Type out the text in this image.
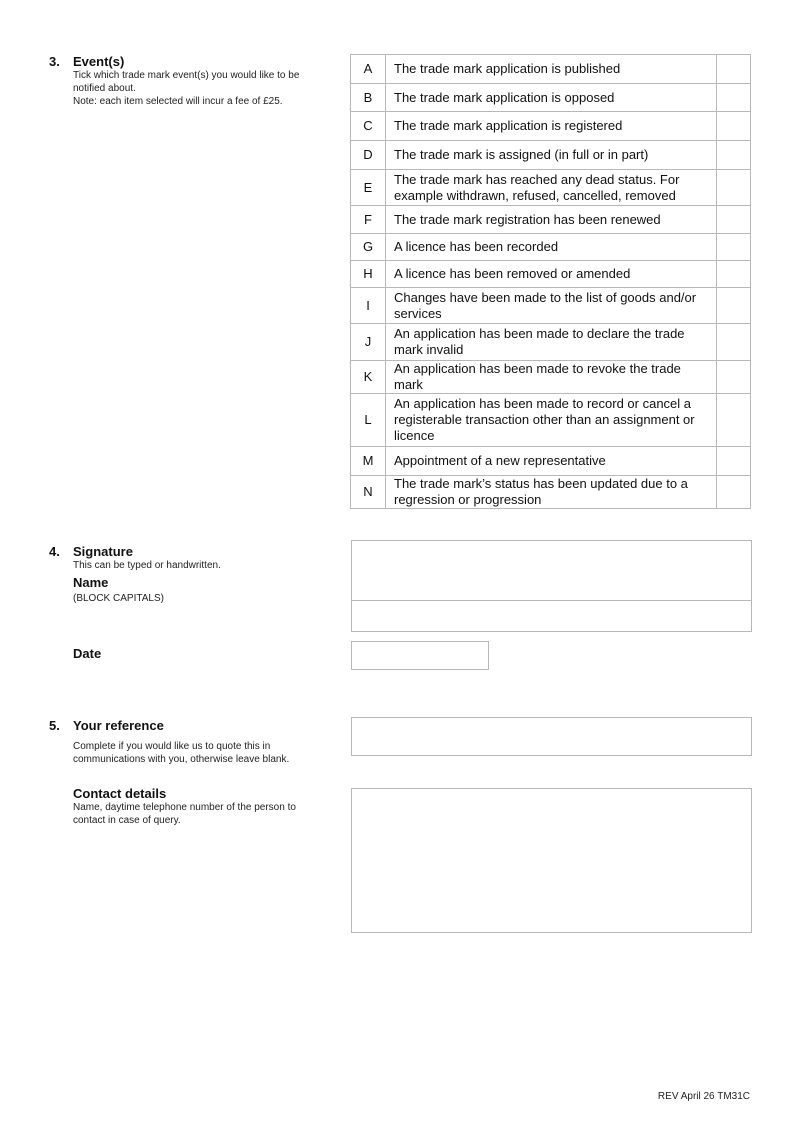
3. Event(s)
Tick which trade mark event(s) you would like to be notified about.
Note: each item selected will incur a fee of £25.
A	The trade mark application is published	
B	The trade mark application is opposed	
C	The trade mark application is registered	
D	The trade mark is assigned (in full or in part)	
E	The trade mark has reached any dead status. For example withdrawn, refused, cancelled, removed	
F	The trade mark registration has been renewed	
G	A licence has been recorded	
H	A licence has been removed or amended	
I	Changes have been made to the list of goods and/or services	
J	An application has been made to declare the trade mark invalid	
K	An application has been made to revoke the trade mark	
L	An application has been made to record or cancel a registerable transaction other than an assignment or licence	
M	Appointment of a new representative	
N	The trade mark’s status has been updated due to a regression or progression	
4. Signature
This can be typed or handwritten.
Name
(BLOCK CAPITALS)
Date
5. Your reference
Complete if you would like us to quote this in communications with you, otherwise leave blank.
Contact details
Name, daytime telephone number of the person to contact in case of query.
REV April 26 TM31C
